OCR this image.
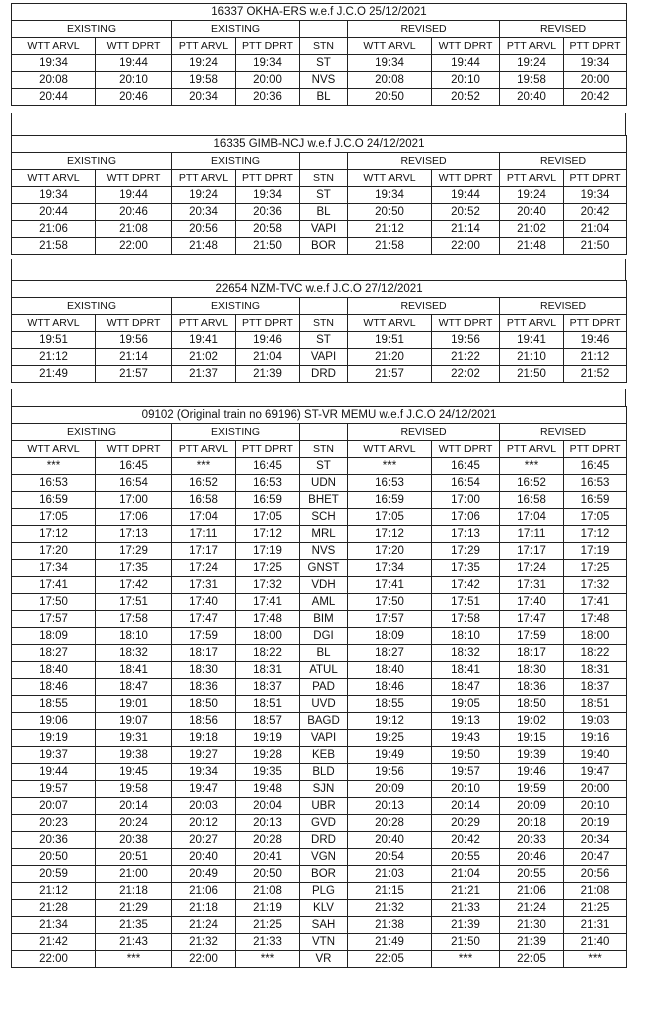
16337 OKHA-ERS w.e.f J.C.O 25/12/2021								
EXISTING		EXISTING			REVISED		REVISED	
WTT ARVL	WTT DPRT	PTT ARVL	PTT DPRT	STN	WTT ARVL	WTT DPRT	PTT ARVL	PTT DPRT
19:34	19:44	19:24	19:34	ST	19:34	19:44	19:24	19:34
20:08	20:10	19:58	20:00	NVS	20:08	20:10	19:58	20:00
20:44	20:46	20:34	20:36	BL	20:50	20:52	20:40	20:42
16335 GIMB-NCJ w.e.f J.C.O 24/12/2021								
EXISTING		EXISTING			REVISED		REVISED	
WTT ARVL	WTT DPRT	PTT ARVL	PTT DPRT	STN	WTT ARVL	WTT DPRT	PTT ARVL	PTT DPRT
19:34	19:44	19:24	19:34	ST	19:34	19:44	19:24	19:34
20:44	20:46	20:34	20:36	BL	20:50	20:52	20:40	20:42
21:06	21:08	20:56	20:58	VAPI	21:12	21:14	21:02	21:04
21:58	22:00	21:48	21:50	BOR	21:58	22:00	21:48	21:50
22654 NZM-TVC w.e.f J.C.O 27/12/2021								
EXISTING		EXISTING			REVISED		REVISED	
WTT ARVL	WTT DPRT	PTT ARVL	PTT DPRT	STN	WTT ARVL	WTT DPRT	PTT ARVL	PTT DPRT
19:51	19:56	19:41	19:46	ST	19:51	19:56	19:41	19:46
21:12	21:14	21:02	21:04	VAPI	21:20	21:22	21:10	21:12
21:49	21:57	21:37	21:39	DRD	21:57	22:02	21:50	21:52
09102 (Original train no 69196) ST-VR MEMU w.e.f J.C.O 24/12/2021								
EXISTING		EXISTING			REVISED		REVISED	
WTT ARVL	WTT DPRT	PTT ARVL	PTT DPRT	STN	WTT ARVL	WTT DPRT	PTT ARVL	PTT DPRT
***	16:45	***	16:45	ST	***	16:45	***	16:45
16:53	16:54	16:52	16:53	UDN	16:53	16:54	16:52	16:53
16:59	17:00	16:58	16:59	BHET	16:59	17:00	16:58	16:59
17:05	17:06	17:04	17:05	SCH	17:05	17:06	17:04	17:05
17:12	17:13	17:11	17:12	MRL	17:12	17:13	17:11	17:12
17:20	17:29	17:17	17:19	NVS	17:20	17:29	17:17	17:19
17:34	17:35	17:24	17:25	GNST	17:34	17:35	17:24	17:25
17:41	17:42	17:31	17:32	VDH	17:41	17:42	17:31	17:32
17:50	17:51	17:40	17:41	AML	17:50	17:51	17:40	17:41
17:57	17:58	17:47	17:48	BIM	17:57	17:58	17:47	17:48
18:09	18:10	17:59	18:00	DGI	18:09	18:10	17:59	18:00
18:27	18:32	18:17	18:22	BL	18:27	18:32	18:17	18:22
18:40	18:41	18:30	18:31	ATUL	18:40	18:41	18:30	18:31
18:46	18:47	18:36	18:37	PAD	18:46	18:47	18:36	18:37
18:55	19:01	18:50	18:51	UVD	18:55	19:05	18:50	18:51
19:06	19:07	18:56	18:57	BAGD	19:12	19:13	19:02	19:03
19:19	19:31	19:18	19:19	VAPI	19:25	19:43	19:15	19:16
19:37	19:38	19:27	19:28	KEB	19:49	19:50	19:39	19:40
19:44	19:45	19:34	19:35	BLD	19:56	19:57	19:46	19:47
19:57	19:58	19:47	19:48	SJN	20:09	20:10	19:59	20:00
20:07	20:14	20:03	20:04	UBR	20:13	20:14	20:09	20:10
20:23	20:24	20:12	20:13	GVD	20:28	20:29	20:18	20:19
20:36	20:38	20:27	20:28	DRD	20:40	20:42	20:33	20:34
20:50	20:51	20:40	20:41	VGN	20:54	20:55	20:46	20:47
20:59	21:00	20:49	20:50	BOR	21:03	21:04	20:55	20:56
21:12	21:18	21:06	21:08	PLG	21:15	21:21	21:06	21:08
21:28	21:29	21:18	21:19	KLV	21:32	21:33	21:24	21:25
21:34	21:35	21:24	21:25	SAH	21:38	21:39	21:30	21:31
21:42	21:43	21:32	21:33	VTN	21:49	21:50	21:39	21:40
22:00	***	22:00	***	VR	22:05	***	22:05	***
